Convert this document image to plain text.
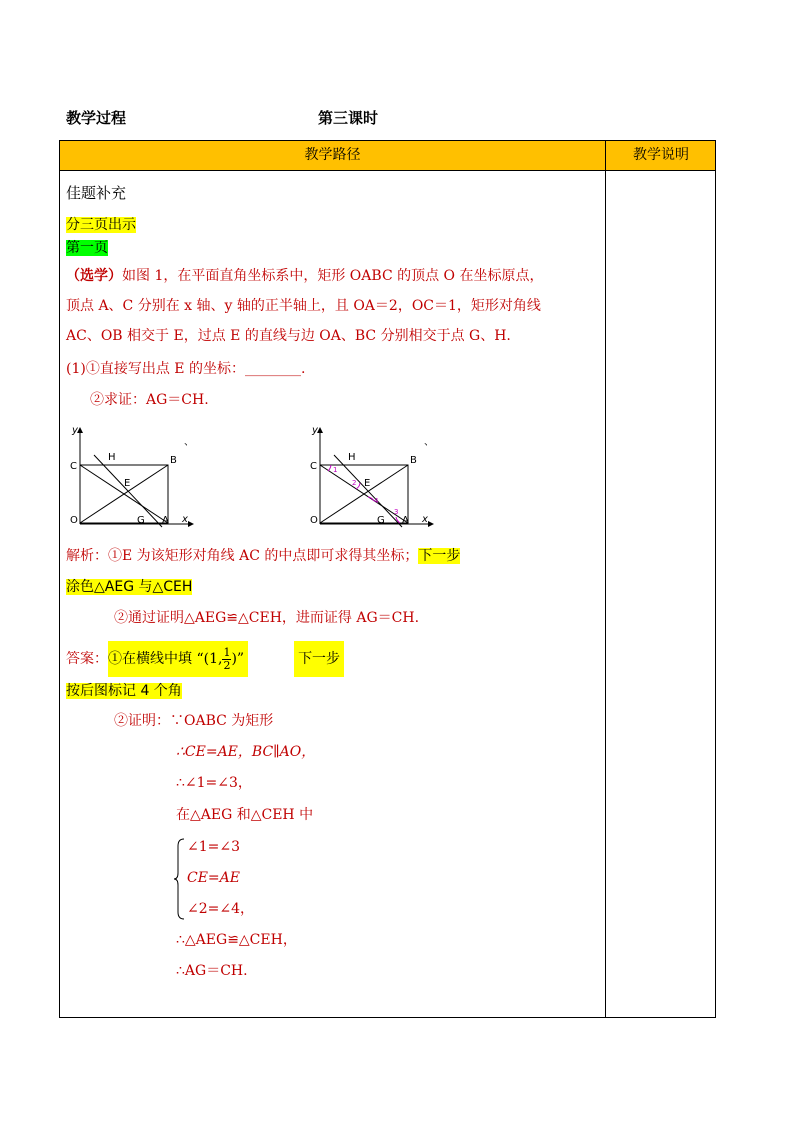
教学过程	第三课时
教学路径	教学说明
佳题补充
分三页出示
第一页
（选学）如图 1，在平面直角坐标系中，矩形 OABC 的顶点 O 在坐标原点，
顶点 A、C 分别在 x 轴、y 轴的正半轴上，且 OA＝2，OC＝1，矩形对角线
AC、OB 相交于 E，过点 E 的直线与边 OA、BC 分别相交于点 G、H.
(1)①直接写出点 E 的坐标：________.
②求证：AG＝CH.
y
x
C
H	B
E
O	G A
、
y
x
C
H	B
E
O	G A
、
1
2
3
4
解析：①E 为该矩形对角线 AC 的中点即可求得其坐标；下一步
涂色△AEG 与△CEH
②通过证明△AEG≌△CEH，进而证得 AG＝CH.
答案：①在横线中填 “(1, $\frac{1}{2}$ )”	下一步
按后图标记 4 个角
②证明：∵OABC 为矩形
∴CE=AE，BC∥AO，
∴∠1=∠3，
在△AEG 和△CEH 中
∠1=∠3
CE=AE
∠2=∠4，
∴△AEG≌△CEH，
∴AG＝CH.
